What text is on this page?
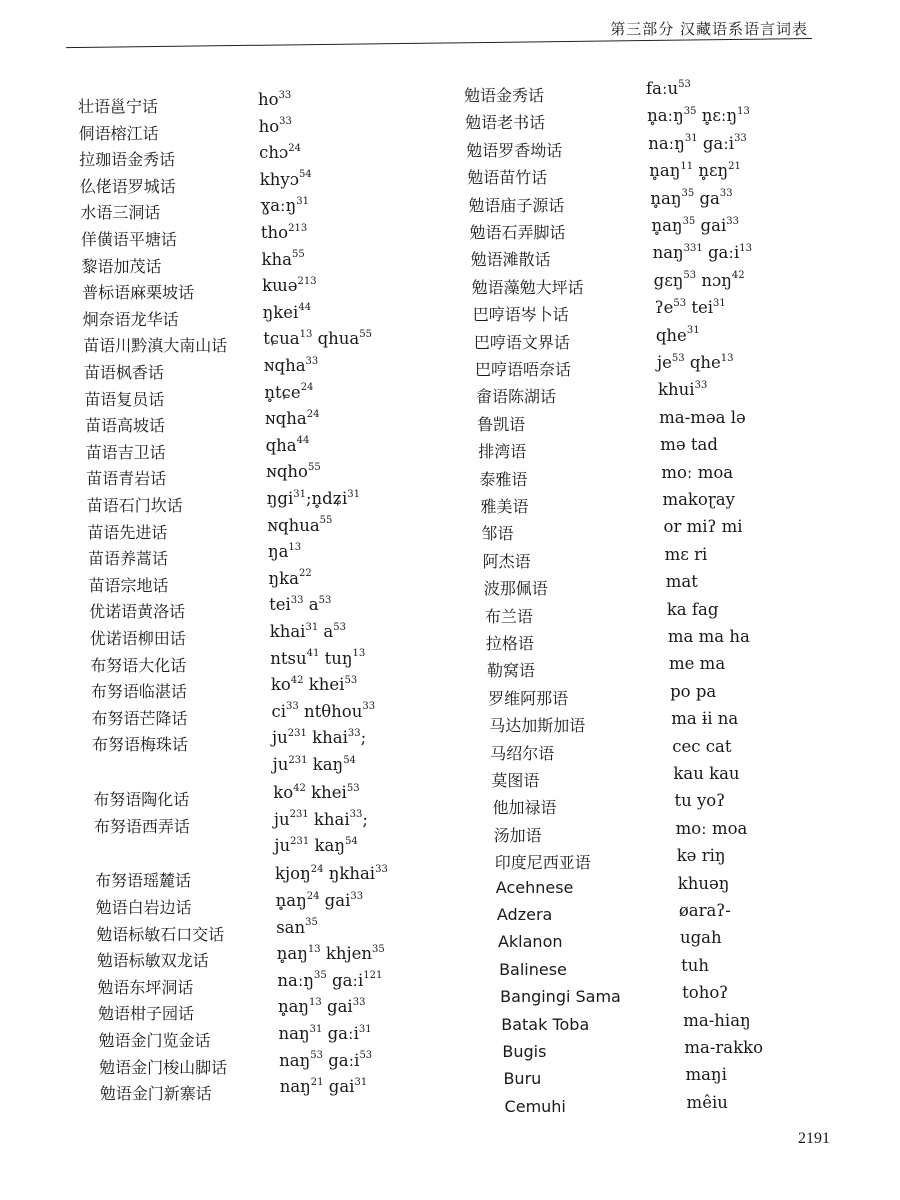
第三部分 汉藏语系语言词表
壮语邕宁话	$ho^{33}$
侗语榕江话	$ho^{33}$
拉珈语金秀话	chɔ$^{24}$
仫佬语罗城话	khyɔ$^{54}$
水语三洞话	ɣaːŋ$^{31}$
佯僙语平塘话	tho$^{213}$
黎语加茂话	kha$^{55}$
普标语麻栗坡话	kɯə$^{213}$
炯奈语龙华话	ŋkei$^{44}$
苗语川黔滇大南山话 tɕua$^{13}$ qhua$^{55}$
苗语枫香话	ɴqha$^{33}$
苗语复员话	n̥tɕe$^{24}$
苗语高坡话	ɴqha$^{24}$
苗语吉卫话	qha$^{44}$
苗语青岩话	ɴqho$^{55}$
苗语石门坎话	ŋgi$^{31}$;n̥dʑi$^{31}$
苗语先进话	ɴqhua$^{55}$
苗语养蒿话	$ŋa^{13}$
苗语宗地话	ŋka$^{22}$
优诺语黄洛话	tei$^{33}$ $a^{53}$
优诺语柳田话	khai$^{31}$ $a^{53}$
布努语大化话	ntsu$^{41}$ tuŋ$^{13}$
布努语临湛话	$ko^{42}$ khei$^{53}$
布努语芒降话	$ci^{33}$ ntθhou$^{33}$
布努语梅珠话	$ju^{231}$ khai$^{33}$;
$ju^{231}$ kaŋ$^{54}$
布努语陶化话	$ko^{42}$ khei$^{53}$
布努语西弄话	$ju^{231}$ khai$^{33}$;
$ju^{231}$ kaŋ$^{54}$
布努语瑶麓话	kjoŋ$^{24}$ ŋkhai$^{33}$
勉语白岩边话	$n̥aŋ^{24}$ gai$^{33}$
勉语标敏石口交话	san$^{35}$
勉语标敏双龙话	$n̥aŋ^{13}$ khjen$^{35}$
勉语东坪洞话	naːŋ$^{35}$ gaːi$^{121}$
勉语柑子园话	$n̥aŋ^{13}$ gai$^{33}$
勉语金门览金话	naŋ$^{31}$ gaːi$^{31}$
勉语金门梭山脚话	naŋ$^{53}$ gaːi$^{53}$
勉语金门新寨话	naŋ$^{21}$ gai$^{31}$
勉语金秀话	faːu$^{53}$
勉语老书话	n̥aːŋ$^{35}$ n̥ɛːŋ$^{13}$
勉语罗香坳话	naːŋ$^{31}$ gaːi$^{33}$
勉语苗竹话	$n̥aŋ^{11}$ n̥ɛŋ$^{21}$
勉语庙子源话	$n̥aŋ^{35}$ $ga^{33}$
勉语石弄脚话	$n̥aŋ^{35}$ gai$^{33}$
勉语滩散话	naŋ$^{331}$ gaːi$^{13}$
勉语藻勉大坪话	gɛŋ$^{53}$ nɔŋ$^{42}$
巴哼语岑卜话	ʔe$^{53}$ tei$^{31}$
巴哼语文界话	qhe$^{31}$
巴哼语唔奈话	$je^{53}$ qhe$^{13}$
畲语陈湖话	khui$^{33}$
鲁凯语	ma-məa lə
排湾语	mə tad
泰雅语	moː moa
雅美语	makoɽay
邹语	or miʔ mi
阿杰语	mɛ ri
波那佩语	mat
布兰语	ka fag
拉格语	ma ma ha
勒窝语	me ma
罗维阿那语	po pa
马达加斯加语	ma ɨi na
马绍尔语	cec cat
莫图语	kau kau
他加禄语	tu yoʔ
汤加语	moː moa
印度尼西亚语	kə riŋ
Acehnese	khuəŋ
Adzera	øaraʔ-
Aklanon	ugah
Balinese	tuh
Bangingi Sama	tohoʔ
Batak Toba	ma-hiaŋ
Bugis	ma-rakko
Buru	maŋi
Cemuhi	mêiu
2191
